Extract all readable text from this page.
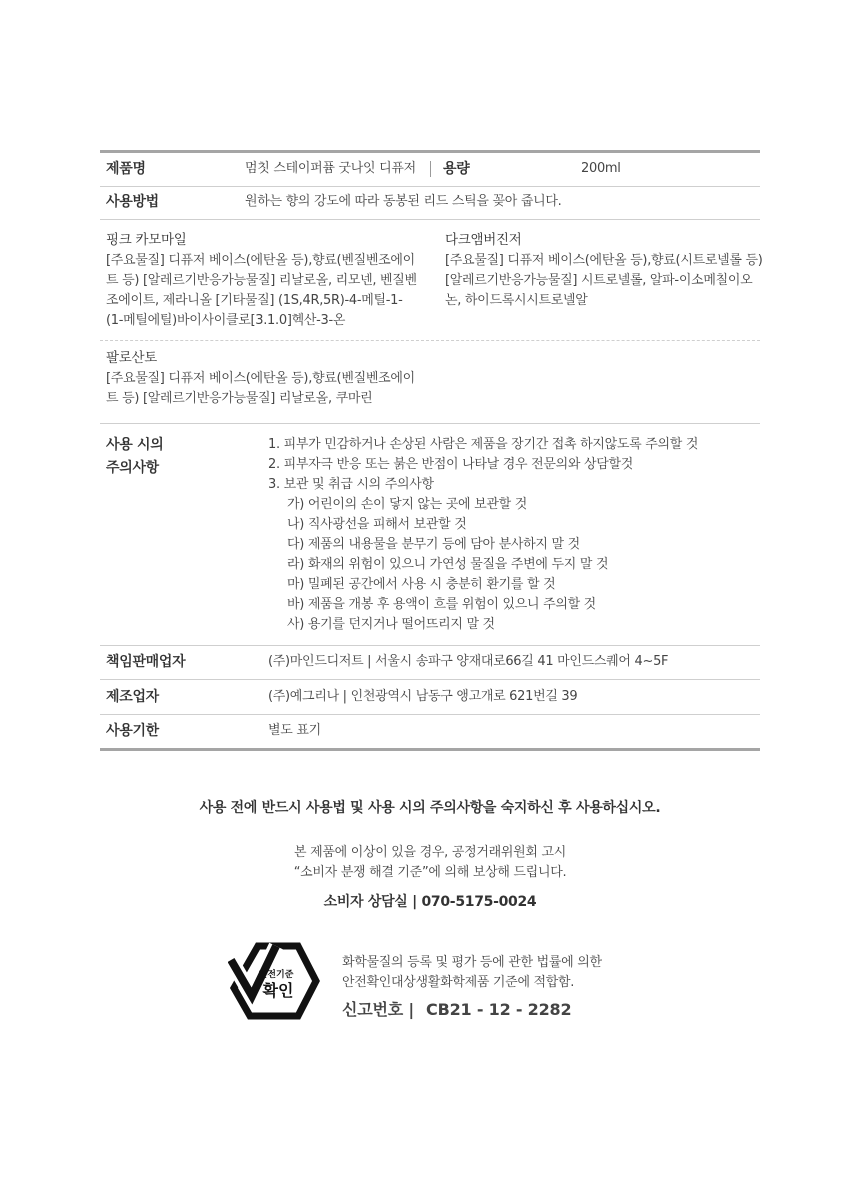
제품명	멈칫 스테이퍼퓸 굿나잇 디퓨저 용량	200ml
사용방법	원하는 향의 강도에 따라 동봉된 리드 스틱을 꽂아 줍니다.
핑크 카모마일
[주요물질] 디퓨저 베이스(에탄올 등),향료(벤질벤조에이
트 등) [알레르기반응가능물질] 리날로올, 리모넨, 벤질벤
조에이트, 제라니올 [기타물질] (1S,4R,5R)-4-메틸-1-
(1-메틸에틸)바이사이클로[3.1.0]헥산-3-온
다크앰버진저
[주요물질] 디퓨저 베이스(에탄올 등),향료(시트로넬롤 등)
[알레르기반응가능물질] 시트로넬롤, 알파-이소메칠이오
논, 하이드록시시트로넬알
팔로산토
[주요물질] 디퓨저 베이스(에탄올 등),향료(벤질벤조에이
트 등) [알레르기반응가능물질] 리날로올, 쿠마린
사용 시의
주의사항
1. 피부가 민감하거나 손상된 사람은 제품을 장기간 접촉 하지않도록 주의할 것
2. 피부자극 반응 또는 붉은 반점이 나타날 경우 전문의와 상담할것
3. 보관 및 취급 시의 주의사항
가) 어린이의 손이 닿지 않는 곳에 보관할 것
나) 직사광선을 피해서 보관할 것
다) 제품의 내용물을 분무기 등에 담아 분사하지 말 것
라) 화재의 위험이 있으니 가연성 물질을 주변에 두지 말 것
마) 밀폐된 공간에서 사용 시 충분히 환기를 할 것
바) 제품을 개봉 후 용액이 흐를 위험이 있으니 주의할 것
사) 용기를 던지거나 떨어뜨리지 말 것
책임판매업자	(주)마인드디저트 | 서울시 송파구 양재대로66길 41 마인드스퀘어 4~5F
제조업자	(주)예그리나 | 인천광역시 남동구 앵고개로 621번길 39
사용기한	별도 표기
사용 전에 반드시 사용법 및 사용 시의 주의사항을 숙지하신 후 사용하십시오.
본 제품에 이상이 있을 경우, 공정거래위원회 고시
“소비자 분쟁 해결 기준”에 의해 보상해 드립니다.
소비자 상담실 | 070-5175-0024
안전기준
확인
화학물질의 등록 및 평가 등에 관한 법률에 의한
안전확인대상생활화학제품 기준에 적합함.
신고번호 | CB21 - 12 - 2282
